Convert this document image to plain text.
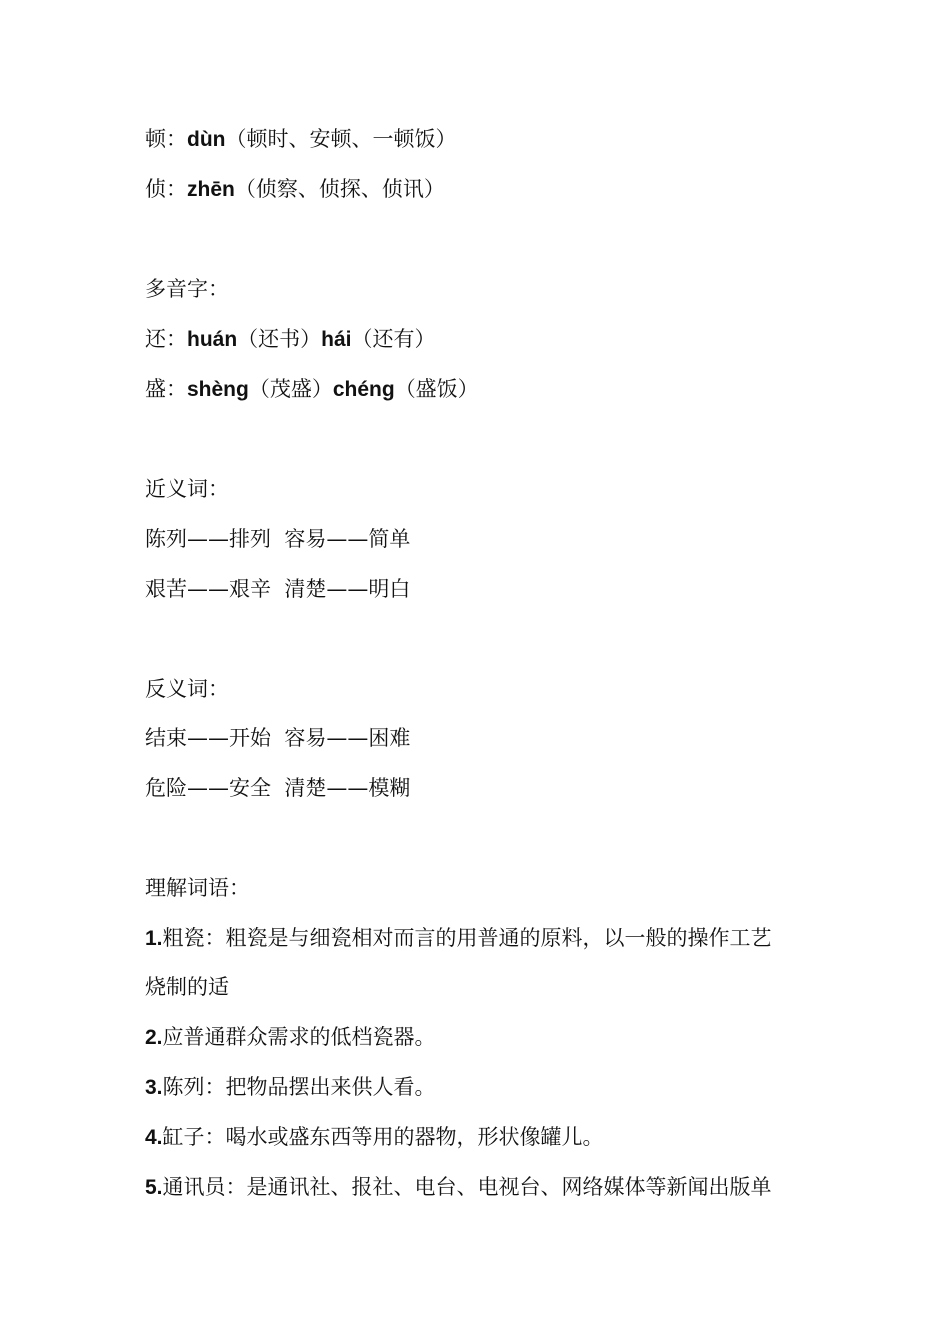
顿：dùn（顿时、安顿、一顿饭）
侦：zhēn（侦察、侦探、侦讯）
多音字：
还：huán（还书）hái（还有）
盛：shèng（茂盛）chéng（盛饭）
近义词：
陈列——排列  容易——简单
艰苦——艰辛  清楚——明白
反义词：
结束——开始  容易——困难
危险——安全  清楚——模糊
理解词语：
1.粗瓷：粗瓷是与细瓷相对而言的用普通的原料，以一般的操作工艺
烧制的适
2.应普通群众需求的低档瓷器。
3.陈列：把物品摆出来供人看。
4.缸子：喝水或盛东西等用的器物，形状像罐儿。
5.通讯员：是通讯社、报社、电台、电视台、网络媒体等新闻出版单
